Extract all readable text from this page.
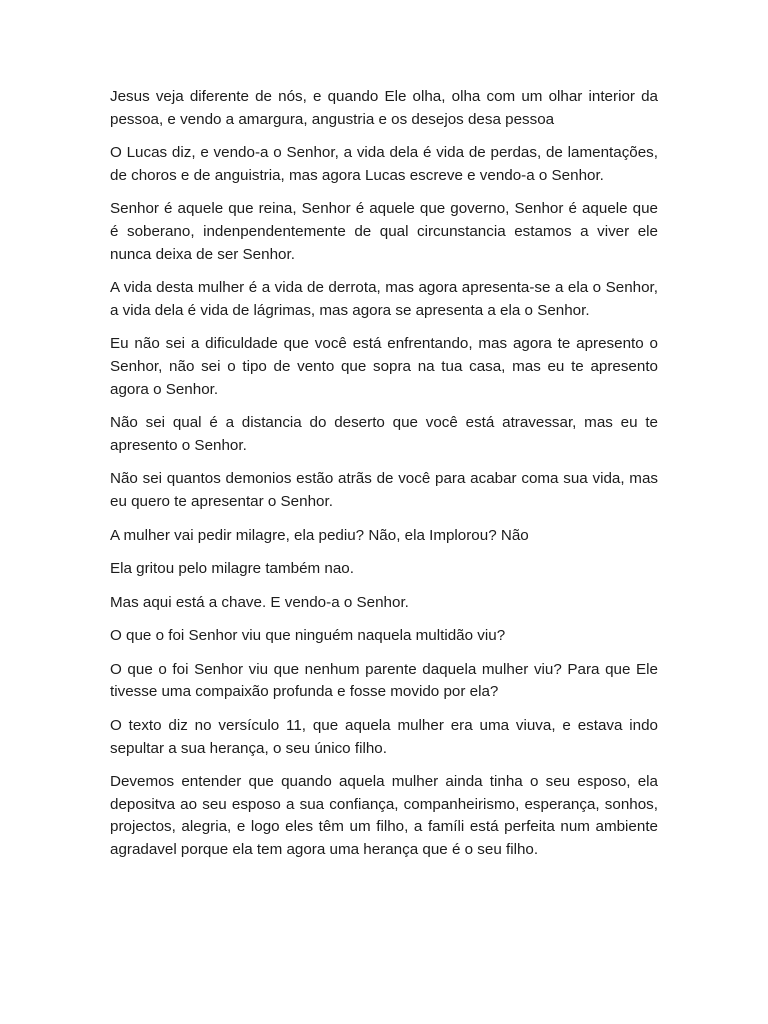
Jesus veja diferente de nós, e quando Ele olha, olha com um olhar interior da pessoa, e vendo a amargura, angustria e os desejos desa pessoa

O Lucas diz, e vendo-a o Senhor, a vida dela é vida de perdas, de lamentações, de choros e de anguistria, mas agora Lucas escreve e vendo-a o Senhor.

Senhor é aquele que reina, Senhor é aquele que governo, Senhor é aquele que é soberano, indenpendentemente de qual circunstancia estamos a viver ele nunca deixa de ser Senhor.

A vida desta mulher é a vida de derrota, mas agora apresenta-se a ela o Senhor, a vida dela é vida de lágrimas, mas agora se apresenta a ela o Senhor.

Eu não sei a dificuldade que você está enfrentando, mas agora te apresento o Senhor, não sei o tipo de vento que sopra na tua casa, mas eu te apresento agora o Senhor.

Não sei qual é a distancia do deserto que você está atravessar, mas eu te apresento o Senhor.

Não sei quantos demonios estão atrãs de você para acabar coma sua vida, mas eu quero te apresentar o Senhor.

A mulher vai pedir milagre, ela pediu? Não, ela Implorou? Não

Ela gritou pelo milagre também nao.

Mas aqui está a chave. E vendo-a o Senhor.

O que o foi Senhor viu que ninguém naquela multidão viu?

O que o foi Senhor viu que nenhum parente daquela mulher viu? Para que Ele tivesse uma compaixão profunda e fosse movido por ela?

O texto diz no versículo 11, que aquela mulher era uma viuva, e estava indo sepultar a sua herança, o seu único filho.

Devemos entender que quando aquela mulher ainda tinha o seu esposo, ela depositva ao seu esposo a sua confiança, companheirismo, esperança, sonhos, projectos, alegria, e logo eles têm um filho, a famíli está perfeita num ambiente agradavel porque ela tem agora uma herança que é o seu filho.
